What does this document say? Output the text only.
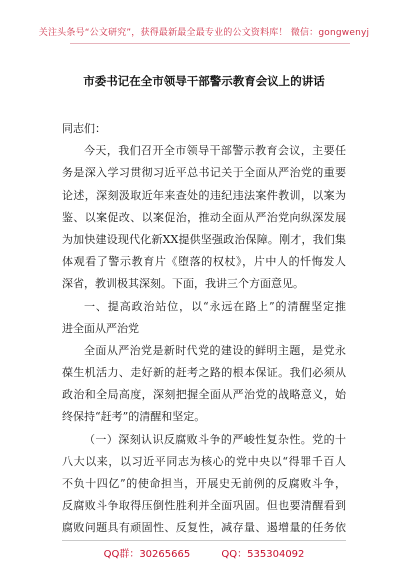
关注头条号“公文研究”，获得最新最全最专业的公文资料库！ 微信：gongwenyj
市委书记在全市领导干部警示教育会议上的讲话
同志们：
今天，我们召开全市领导干部警示教育会议，主要任
务是深入学习贯彻习近平总书记关于全面从严治党的重要
论述，深刻汲取近年来查处的违纪违法案件教训，以案为
鉴、以案促改、以案促治，推动全面从严治党向纵深发展
为加快建设现代化新XX提供坚强政治保障。刚才，我们集
体观看了警示教育片《堕落的权杖》，片中人的忏悔发人
深省，教训极其深刻。下面，我讲三个方面意见。
一、提高政治站位，以“永远在路上”的清醒坚定推
进全面从严治党
全面从严治党是新时代党的建设的鲜明主题，是党永
葆生机活力、走好新的赶考之路的根本保证。我们必须从
政治和全局高度，深刻把握全面从严治党的战略意义，始
终保持“赶考”的清醒和坚定。
（一）深刻认识反腐败斗争的严峻性复杂性。党的十
八大以来，以习近平同志为核心的党中央以“得罪千百人
不负十四亿”的使命担当，开展史无前例的反腐败斗争，
反腐败斗争取得压倒性胜利并全面巩固。但也要清醒看到
腐败问题具有顽固性、反复性，减存量、遏增量的任务依
QQ群：30265665	QQ：535304092
